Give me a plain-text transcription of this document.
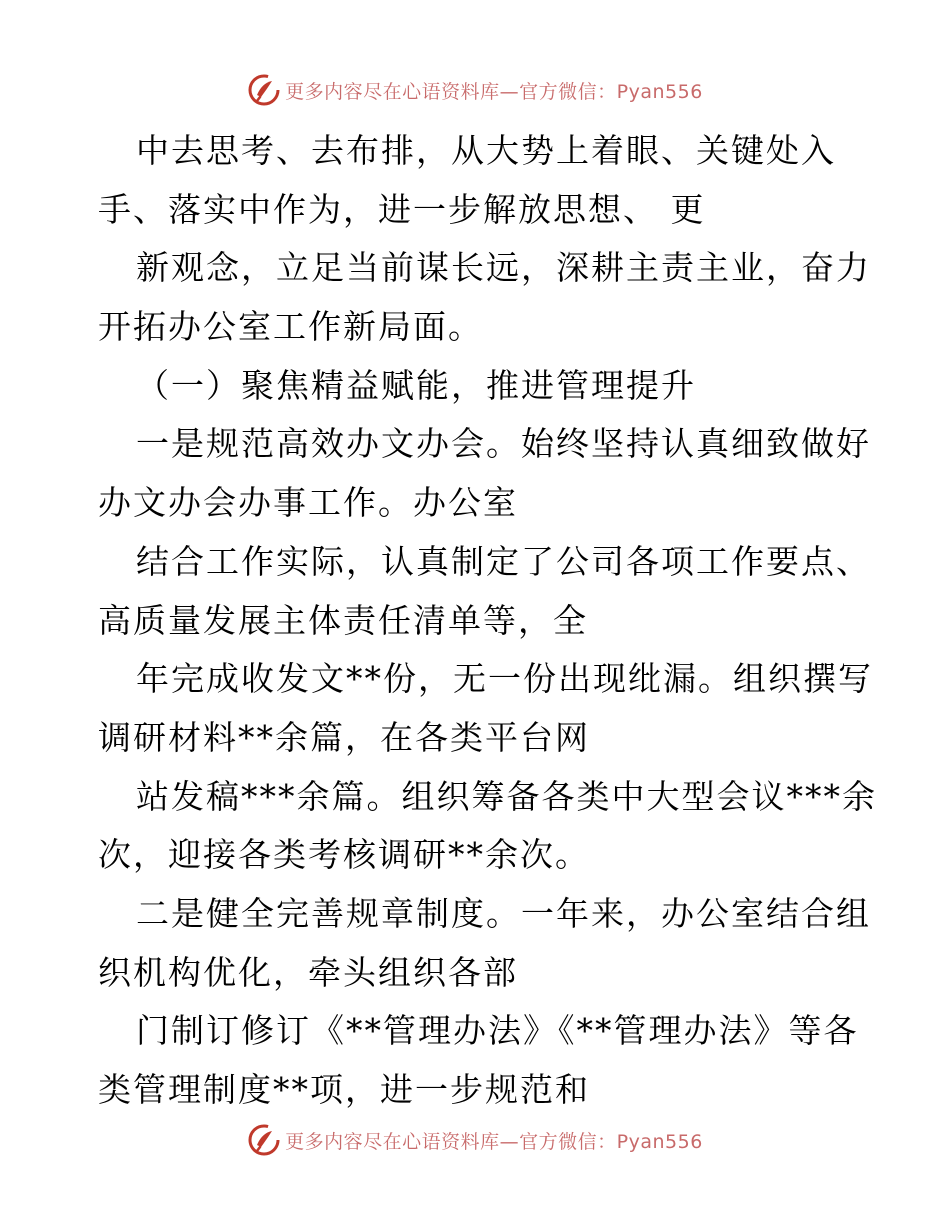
更多内容尽在心语资料库—官方微信：Pyan556
中去思考、去布排，从大势上着眼、关键处入
手、落实中作为，进一步解放思想、 更
新观念，立足当前谋长远，深耕主责主业，奋力
开拓办公室工作新局面。
（一）聚焦精益赋能，推进管理提升
一是规范高效办文办会。始终坚持认真细致做好
办文办会办事工作。办公室
结合工作实际，认真制定了公司各项工作要点、
高质量发展主体责任清单等，全
年完成收发文**份，无一份出现纰漏。组织撰写
调研材料**余篇，在各类平台网
站发稿***余篇。组织筹备各类中大型会议***余
次，迎接各类考核调研**余次。
二是健全完善规章制度。一年来，办公室结合组
织机构优化，牵头组织各部
门制订修订《**管理办法》《**管理办法》等各
类管理制度**项，进一步规范和
更多内容尽在心语资料库—官方微信：Pyan556
